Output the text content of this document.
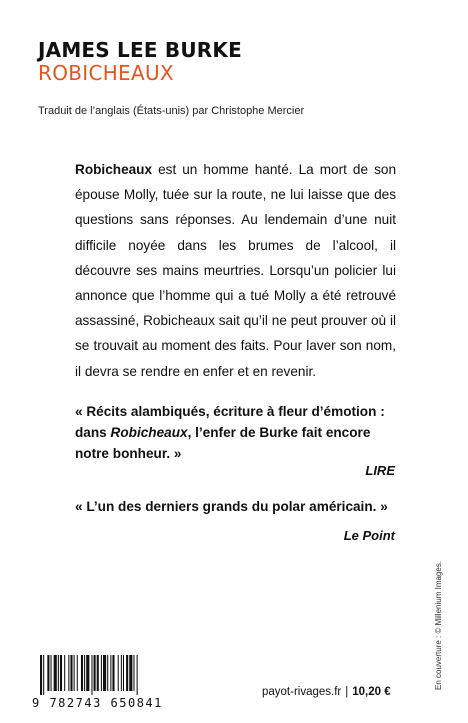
JAMES LEE BURKE
ROBICHEAUX
Traduit de l’anglais (États-unis) par Christophe Mercier

Robicheaux est un homme hanté. La mort de son épouse Molly, tuée sur la route, ne lui laisse que des questions sans réponses. Au lendemain d’une nuit difficile noyée dans les brumes de l’alcool, il découvre ses mains meurtries. Lorsqu’un policier lui annonce que l’homme qui a tué Molly a été retrouvé assassiné, Robicheaux sait qu’il ne peut prouver où il se trouvait au moment des faits. Pour laver son nom, il devra se rendre en enfer et en revenir.

« Récits alambiqués, écriture à fleur d’émotion : dans Robicheaux, l’enfer de Burke fait encore notre bonheur. »

LIRE

« L’un des derniers grands du polar américain. »

Le Point
En couverture : © Millenium Images.
9 782743 650841
payot-rivages.fr | 10,20 €
